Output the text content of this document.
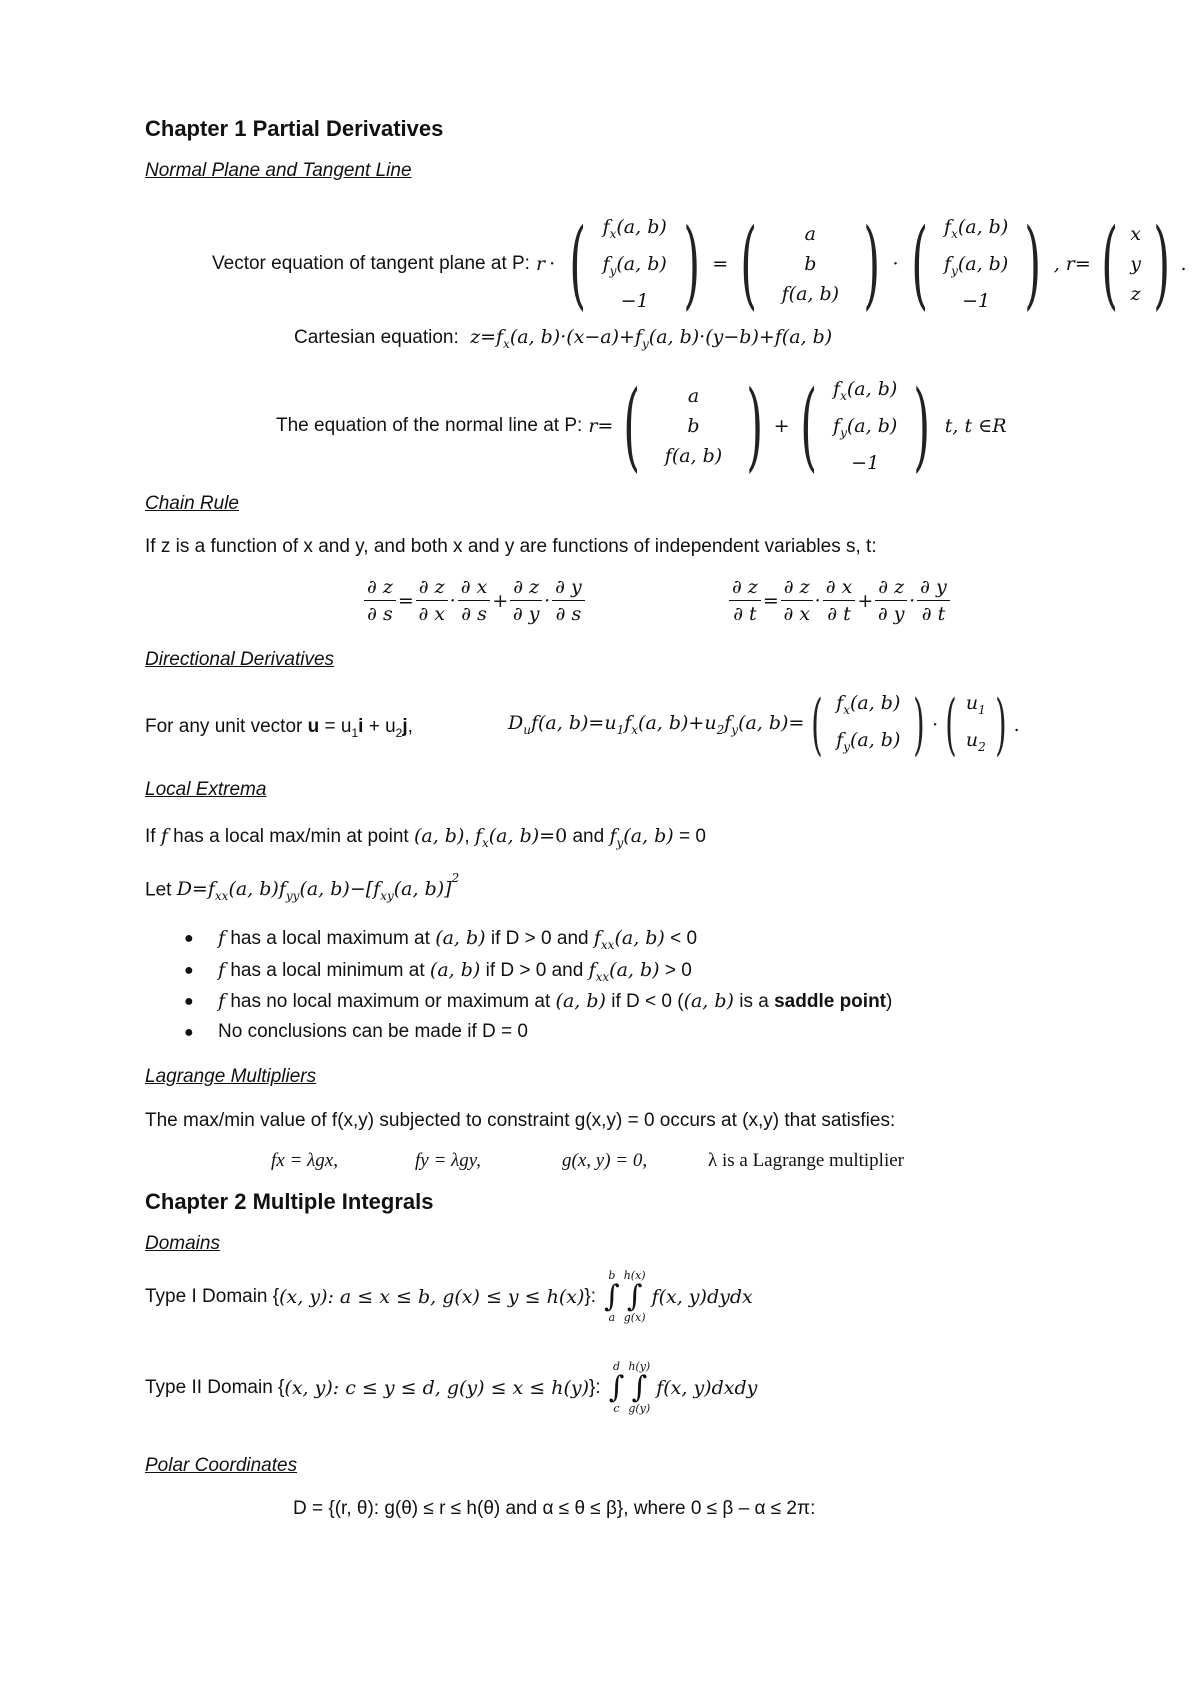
Chapter 1 Partial Derivatives
Normal Plane and Tangent Line
Vector equation of tangent plane at P: r · ( $f_x(a$, b)
$f_y(a$, b)
−1 ) = ( a
b
f(a, b) ) · ( $f_x(a$, b)
$f_y(a$, b)
−1 ) , r = ( x
y
z ) .
Cartesian equation: $z=f_x(a$, $b)\cdot(x-a)+f_y(a$, b)·(y−b)+f(a, b)
The equation of the normal line at P: r = ( a
b
f(a, b) ) + ( $f_x(a$, b)
$f_y(a$, b)
−1 ) t, t ∈R
Chain Rule
If z is a function of x and y, and both x and y are functions of independent variables s, t:
$\frac{\partial z}{\partial s} = \frac{\partial z}{\partial x} \cdot \frac{\partial x}{\partial s} + \frac{\partial z}{\partial y} \cdot \frac{\partial y}{\partial s}$	$\frac{\partial z}{\partial t} = \frac{\partial z}{\partial x} \cdot \frac{\partial x}{\partial t} + \frac{\partial z}{\partial y} \cdot \frac{\partial y}{\partial t}$
Directional Derivatives
For any unit vector $u = u_1i + u_2j$,	$D_uf(a$, $b)=u_1f_x(a$, $b)+u_2f_y(a$, b)= ( $f_x(a$, b)
$f_y(a$, b) ) · ( $u_1$
$u_2$ ) .
Local Extrema
If f has a local max/min at point (a, b), $f_x(a$, b)=0 and $f_y(a$, b) = 0
Let $D=f_{xx}(a$, $b)f_{yy}(a$, $b)-[f_{xy}(a$, b)]$^2$
● f has a local maximum at (a, b) if D > 0 and $f_{xx}(a$, b) < 0
● f has a local minimum at (a, b) if D > 0 and $f_{xx}(a$, b) > 0
● f has no local maximum or maximum at (a, b) if D < 0 ((a, b) is a saddle point)
● No conclusions can be made if D = 0
Lagrange Multipliers
The max/min value of f(x,y) subjected to constraint g(x,y) = 0 occurs at (x,y) that satisfies:
fx = λgx,	fy = λgy,	g(x, y) = 0,	λ is a Lagrange multiplier
Chapter 2 Multiple Integrals
Domains
Type I Domain { (x, y): a ≤ x ≤ b, g(x) ≤ y ≤ h(x) }:
b
∫
a
h(x)
∫
g(x)
f(x, y)dydx
Type II Domain { (x, y): c ≤ y ≤ d, g(y) ≤ x ≤ h(y) }:
d
∫
c
h(y)
∫
g(y)
f(x, y)dxdy
Polar Coordinates
D = {(r, θ): g(θ) ≤ r ≤ h(θ) and α ≤ θ ≤ β}, where 0 ≤ β – α ≤ 2π:
